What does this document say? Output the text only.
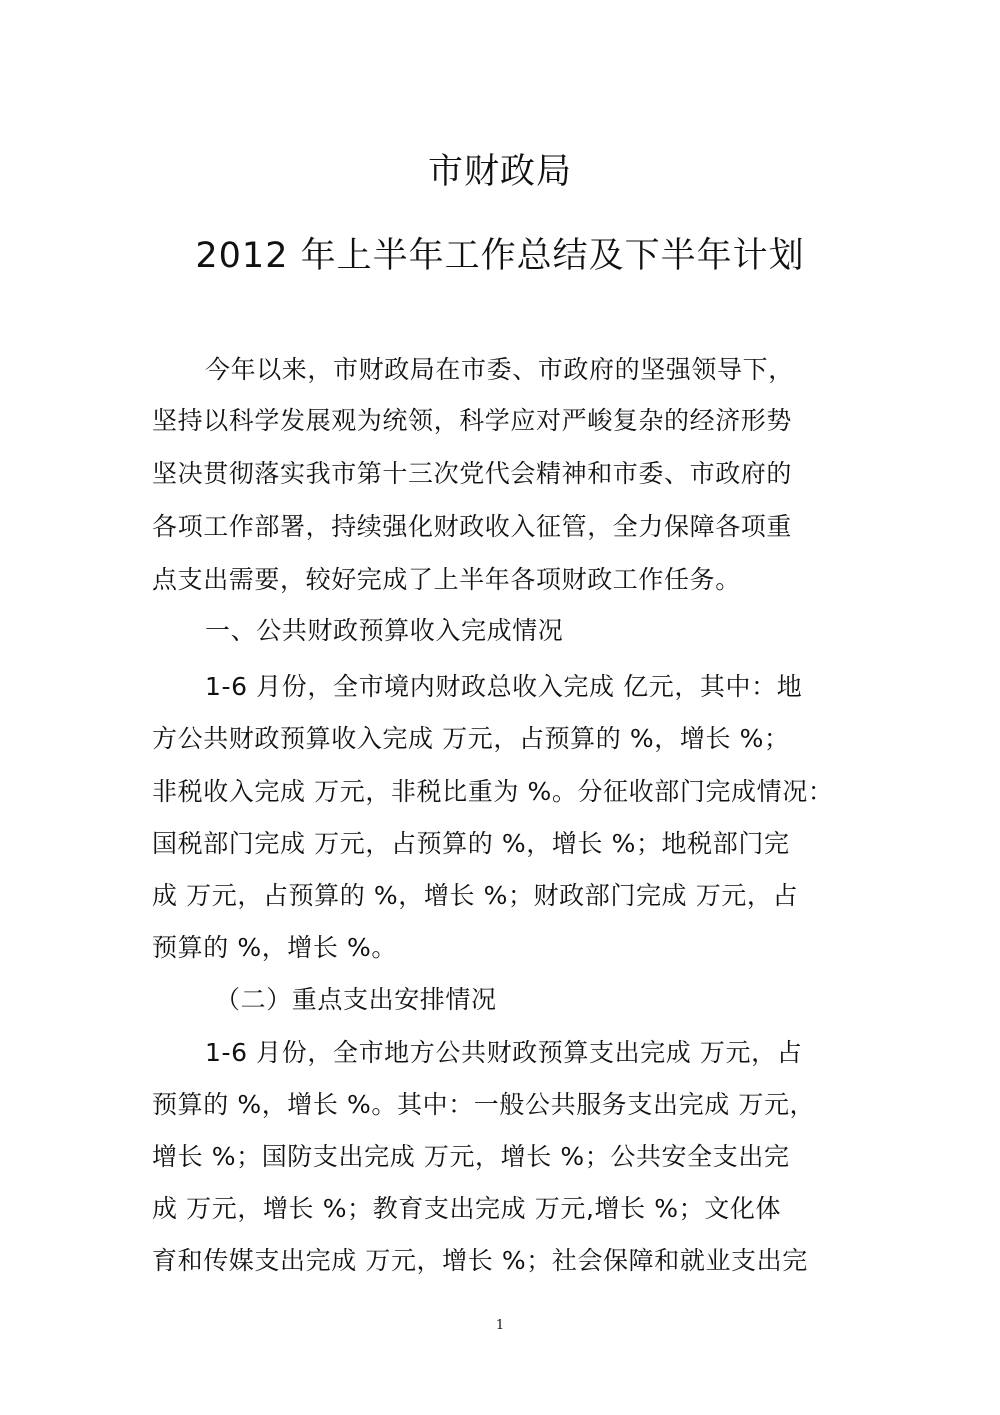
市财政局
2012 年上半年工作总结及下半年计划
今年以来，市财政局在市委、市政府的坚强领导下，
坚持以科学发展观为统领，科学应对严峻复杂的经济形势
坚决贯彻落实我市第十三次党代会精神和市委、市政府的
各项工作部署，持续强化财政收入征管，全力保障各项重
点支出需要，较好完成了上半年各项财政工作任务。
一、公共财政预算收入完成情况
1-6 月份，全市境内财政总收入完成 亿元，其中：地
方公共财政预算收入完成 万元，占预算的 %，增长 %；
非税收入完成 万元，非税比重为 %。分征收部门完成情况：
国税部门完成 万元，占预算的 %，增长 %；地税部门完
成 万元，占预算的 %，增长 %；财政部门完成 万元，占
预算的 %，增长 %。
（二）重点支出安排情况
1-6 月份，全市地方公共财政预算支出完成 万元，占
预算的 %，增长 %。其中：一般公共服务支出完成 万元，
增长 %；国防支出完成 万元，增长 %；公共安全支出完
成 万元，增长 %；教育支出完成 万元,增长 %；文化体
育和传媒支出完成 万元，增长 %；社会保障和就业支出完
1
